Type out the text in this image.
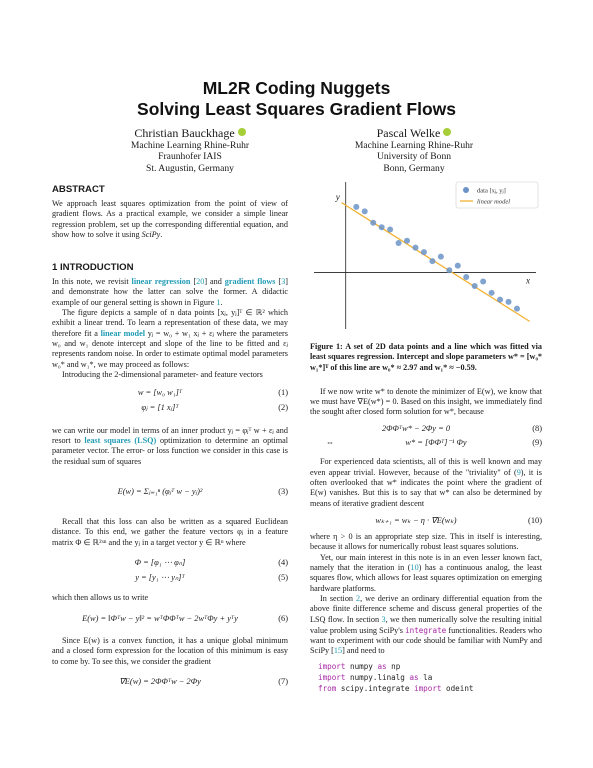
ML2R Coding Nuggets
Solving Least Squares Gradient Flows
Christian Bauckhage
Machine Learning Rhine-Ruhr
Fraunhofer IAIS
St. Augustin, Germany
Pascal Welke
Machine Learning Rhine-Ruhr
University of Bonn
Bonn, Germany
ABSTRACT

We approach least squares optimization from the point of view of gradient flows. As a practical example, we consider a simple linear regression problem, set up the corresponding differential equation, and show how to solve it using SciPy.

1 INTRODUCTION

In this note, we revisit linear regression [20] and gradient flows [3] and demonstrate how the latter can solve the former. A didactic example of our general setting is shown in Figure 1.

The figure depicts a sample of n data points [xⱼ, yⱼ]ᵀ ∈ ℝ² which exhibit a linear trend. To learn a representation of these data, we may therefore fit a linear model yⱼ = w₀ + w₁ xⱼ + εⱼ where the parameters w₀ and w₁ denote intercept and slope of the line to be fitted and εⱼ represents random noise. In order to estimate optimal model parameters w₀* and w₁*, we may proceed as follows:

Introducing the 2-dimensional parameter- and feature vectors

w = [w₀ w₁]ᵀ	(1)
φⱼ = [1 xⱼ]ᵀ	(2)

we can write our model in terms of an inner product yⱼ = φⱼᵀ w + εⱼ and resort to least squares (LSQ) optimization to determine an optimal parameter vector. The error- or loss function we consider in this case is the residual sum of squares

E(w) = Σⱼ₌₁ⁿ (φⱼᵀ w − yⱼ)²	(3)

Recall that this loss can also be written as a squared Euclidean distance. To this end, we gather the feature vectors φⱼ in a feature matrix Φ ∈ ℝ²ˣⁿ and the yⱼ in a target vector y ∈ ℝⁿ where

Φ = [φ₁ ⋯ φₙ]	(4)
y = [y₁ ⋯ yₙ]ᵀ	(5)

which then allows us to write

E(w) = ‖Φᵀw − y‖² = wᵀΦΦᵀw − 2wᵀΦy + yᵀy	(6)

Since E(w) is a convex function, it has a unique global minimum and a closed form expression for the location of this minimum is easy to come by. To see this, we consider the gradient

∇E(w) = 2ΦΦᵀw − 2Φy	(7)
x
y
data [xⱼ, yⱼ]
linear model

Figure 1: A set of 2D data points and a line which was fitted via least squares regression. Intercept and slope parameters w* = [w₀* w₁*]ᵀ of this line are w₀* ≈ 2.97 and w₁* ≈ −0.59.

If we now write w* to denote the minimizer of E(w), we know that we must have ∇E(w*) = 0. Based on this insight, we immediately find the sought after closed form solution for w*, because

2ΦΦᵀw* − 2Φy = 0	(8)
⇔	w* = [ΦΦᵀ]⁻¹ Φy	(9)

For experienced data scientists, all of this is well known and may even appear trivial. However, because of the "triviality" of (9), it is often overlooked that w* indicates the point where the gradient of E(w) vanishes. But this is to say that w* can also be determined by means of iterative gradient descent

wₖ₊₁ = wₖ − η · ∇E(wₖ)	(10)

where η > 0 is an appropriate step size. This in itself is interesting, because it allows for numerically robust least squares solutions.

Yet, our main interest in this note is in an even lesser known fact, namely that the iteration in (10) has a continuous analog, the least squares flow, which allows for least squares optimization on emerging hardware platforms.

In section 2, we derive an ordinary differential equation from the above finite difference scheme and discuss general properties of the LSQ flow. In section 3, we then numerically solve the resulting initial value problem using SciPy's integrate functionalities. Readers who want to experiment with our code should be familiar with NumPy and SciPy [15] and need to

import numpy as np
import numpy.linalg as la
from scipy.integrate import odeint
